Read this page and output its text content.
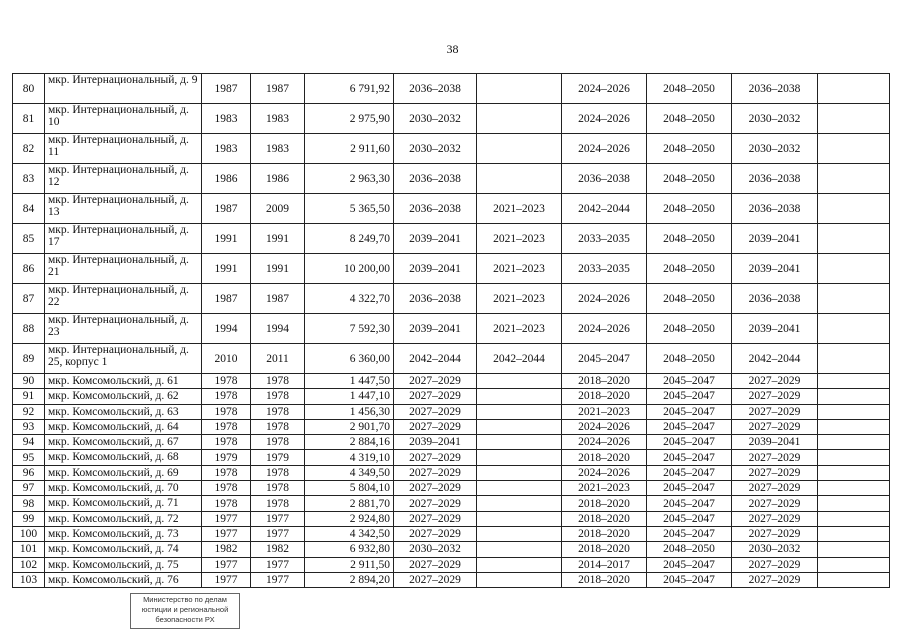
38
80	мкр. Интернациональный, д. 9	1987	1987	6 791,92	2036–2038		2024–2026	2048–2050	2036–2038	
81	мкр. Интернациональный, д. 10	1983	1983	2 975,90	2030–2032		2024–2026	2048–2050	2030–2032	
82	мкр. Интернациональный, д. 11	1983	1983	2 911,60	2030–2032		2024–2026	2048–2050	2030–2032	
83	мкр. Интернациональный, д. 12	1986	1986	2 963,30	2036–2038		2036–2038	2048–2050	2036–2038	
84	мкр. Интернациональный, д. 13	1987	2009	5 365,50	2036–2038	2021–2023	2042–2044	2048–2050	2036–2038	
85	мкр. Интернациональный, д. 17	1991	1991	8 249,70	2039–2041	2021–2023	2033–2035	2048–2050	2039–2041	
86	мкр. Интернациональный, д. 21	1991	1991	10 200,00	2039–2041	2021–2023	2033–2035	2048–2050	2039–2041	
87	мкр. Интернациональный, д. 22	1987	1987	4 322,70	2036–2038	2021–2023	2024–2026	2048–2050	2036–2038	
88	мкр. Интернациональный, д. 23	1994	1994	7 592,30	2039–2041	2021–2023	2024–2026	2048–2050	2039–2041	
89	мкр. Интернациональный, д. 25, корпус 1	2010	2011	6 360,00	2042–2044	2042–2044	2045–2047	2048–2050	2042–2044	
90	мкр. Комсомольский, д. 61	1978	1978	1 447,50	2027–2029		2018–2020	2045–2047	2027–2029	
91	мкр. Комсомольский, д. 62	1978	1978	1 447,10	2027–2029		2018–2020	2045–2047	2027–2029	
92	мкр. Комсомольский, д. 63	1978	1978	1 456,30	2027–2029		2021–2023	2045–2047	2027–2029	
93	мкр. Комсомольский, д. 64	1978	1978	2 901,70	2027–2029		2024–2026	2045–2047	2027–2029	
94	мкр. Комсомольский, д. 67	1978	1978	2 884,16	2039–2041		2024–2026	2045–2047	2039–2041	
95	мкр. Комсомольский, д. 68	1979	1979	4 319,10	2027–2029		2018–2020	2045–2047	2027–2029	
96	мкр. Комсомольский, д. 69	1978	1978	4 349,50	2027–2029		2024–2026	2045–2047	2027–2029	
97	мкр. Комсомольский, д. 70	1978	1978	5 804,10	2027–2029		2021–2023	2045–2047	2027–2029	
98	мкр. Комсомольский, д. 71	1978	1978	2 881,70	2027–2029		2018–2020	2045–2047	2027–2029	
99	мкр. Комсомольский, д. 72	1977	1977	2 924,80	2027–2029		2018–2020	2045–2047	2027–2029	
100	мкр. Комсомольский, д. 73	1977	1977	4 342,50	2027–2029		2018–2020	2045–2047	2027–2029	
101	мкр. Комсомольский, д. 74	1982	1982	6 932,80	2030–2032		2018–2020	2048–2050	2030–2032	
102	мкр. Комсомольский, д. 75	1977	1977	2 911,50	2027–2029		2014–2017	2045–2047	2027–2029	
103	мкр. Комсомольский, д. 76	1977	1977	2 894,20	2027–2029		2018–2020	2045–2047	2027–2029	
Министерство по делам
юстиции и региональной
безопасности РХ
